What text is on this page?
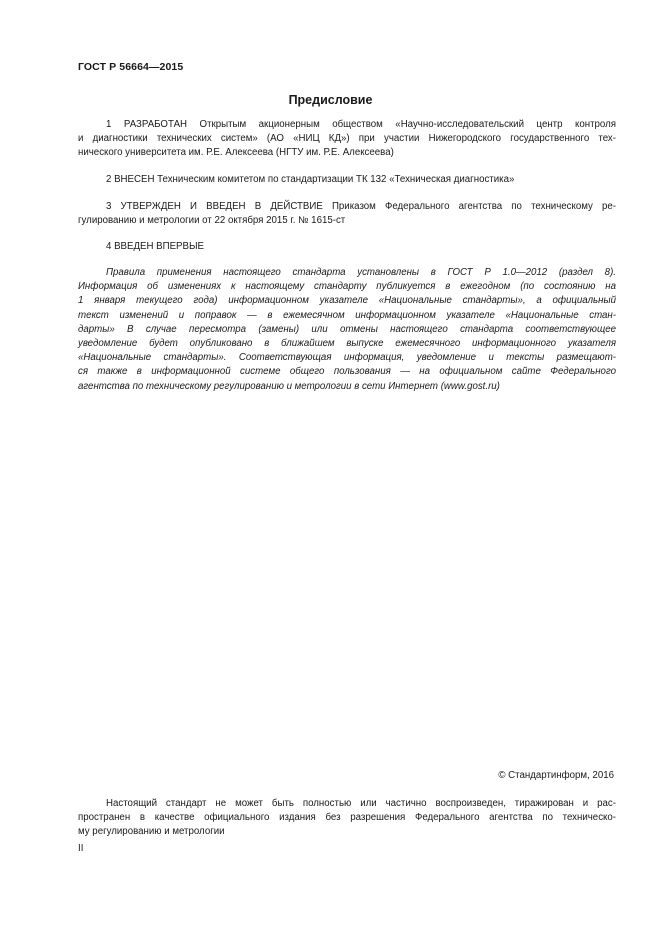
ГОСТ Р 56664—2015
Предисловие
1 РАЗРАБОТАН Открытым акционерным обществом «Научно-исследовательский центр контроля
и диагностики технических систем» (АО «НИЦ КД») при участии Нижегородского государственного тех-
нического университета им. Р.Е. Алексеева (НГТУ им. Р.Е. Алексеева)
2 ВНЕСЕН Техническим комитетом по стандартизации ТК 132 «Техническая диагностика»
3 УТВЕРЖДЕН И ВВЕДЕН В ДЕЙСТВИЕ Приказом Федерального агентства по техническому ре-
гулированию и метрологии от 22 октября 2015 г. № 1615-ст
4 ВВЕДЕН ВПЕРВЫЕ
Правила применения настоящего стандарта установлены в ГОСТ Р 1.0—2012 (раздел 8).
Информация об изменениях к настоящему стандарту публикуется в ежегодном (по состоянию на
1 января текущего года) информационном указателе «Национальные стандарты», а официальный
текст изменений и поправок — в ежемесячном информационном указателе «Национальные стан-
дарты» В случае пересмотра (замены) или отмены настоящего стандарта соответствующее
уведомление будет опубликовано в ближайшем выпуске ежемесячного информационного указателя
«Национальные стандарты». Соответствующая информация, уведомление и тексты размещают-
ся также в информационной системе общего пользования — на официальном сайте Федерального
агентства по техническому регулированию и метрологии в сети Интернет (www.gost.ru)
© Стандартинформ, 2016
Настоящий стандарт не может быть полностью или частично воспроизведен, тиражирован и рас-
пространен в качестве официального издания без разрешения Федерального агентства по техническо-
му регулированию и метрологии
II
